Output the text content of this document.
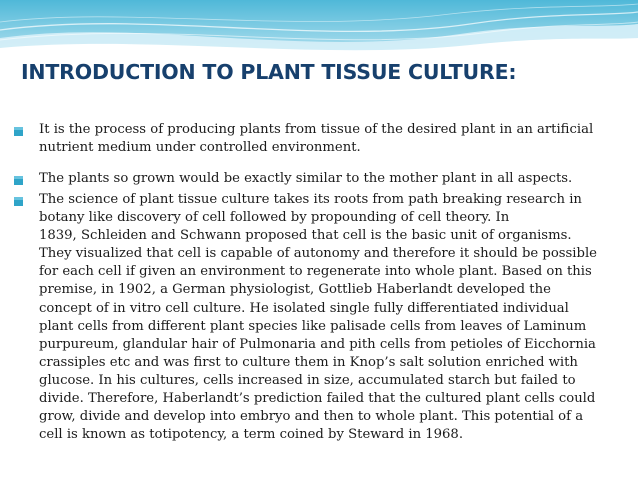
INTRODUCTION TO PLANT TISSUE CULTURE:
It is the process of producing plants from tissue of the desired plant in an artificial
nutrient medium under controlled environment.
The plants so grown would be exactly similar to the mother plant in all aspects.
The science of plant tissue culture takes its roots from path breaking research in
botany like discovery of cell followed by propounding of cell theory. In
1839, Schleiden and Schwann proposed that cell is the basic unit of organisms.
They visualized that cell is capable of autonomy and therefore it should be possible
for each cell if given an environment to regenerate into whole plant. Based on this
premise, in 1902, a German physiologist, Gottlieb Haberlandt developed the
concept of in vitro cell culture. He isolated single fully differentiated individual
plant cells from different plant species like palisade cells from leaves of Laminum
purpureum, glandular hair of Pulmonaria and pith cells from petioles of Eicchornia
crassiples etc and was first to culture them in Knop’s salt solution enriched with
glucose. In his cultures, cells increased in size, accumulated starch but failed to
divide. Therefore, Haberlandt’s prediction failed that the cultured plant cells could
grow, divide and develop into embryo and then to whole plant. This potential of a
cell is known as totipotency, a term coined by Steward in 1968.
